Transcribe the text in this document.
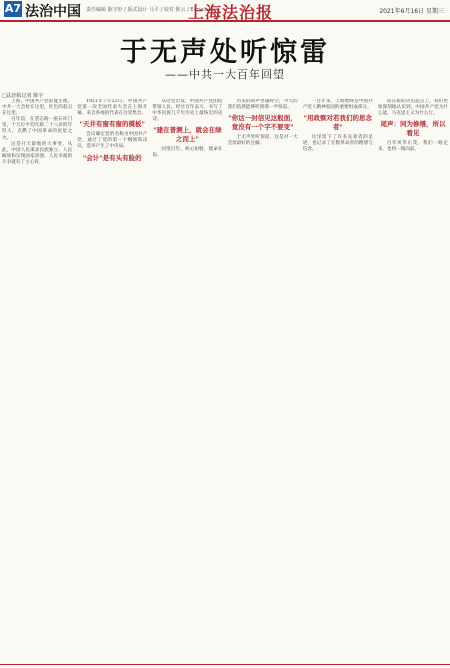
A7 法治中国 责任编辑 陈宇轩 / 版式设计 马平 / 校对 陈云 / E-mail: …
上海法治报	2021年6月16日 星期三
于无声处听惊雷
——中共一大百年回望
□法治报记者 陈宇

上海，中国共产党的诞生地，中共一大会址在这里，红色的起点在这里。

百年前，在望志路一座石库门里，十几位平均年龄二十八岁的年轻人，点燃了中国革命的星星之火。

这是开天辟地的大事变。从此，中国人民谋求民族独立、人民解放和实现国家富强、人民幸福的斗争就有了主心骨。

1921年7月23日，中国共产党第一次全国代表大会在上海开幕，来自各地的代表在这里集会。

"天井有窗有窗的模板"

会议确定党的名称为中国共产党，通过了党的第一个纲领和决议，选举产生了中央局。

"会计"是有头有脸的

从这里出发，中国共产党团结带领人民，经过百年奋斗，书写了中华民族几千年历史上最恢宏的史诗。

"建在普测上，就会在绿之而上"

回望百年，初心如磐，使命在肩。

历史的回声穿越时空，今天的我们依然能够听到那一声惊雷。

"你这一封信见这般面，竟没有一个字不要变"

于无声处听惊雷，这是对一大会址最好的注解。

一百年来，上海始终是中国共产党人精神家园的重要组成部分。

"用政察对若我们的思念者"

这里留下了许多先驱者的足迹，也记录了无数革命者的理想与信念。

站在新的历史起点上，我们更加深刻地认识到，中国共产党为什么能，马克思主义为什么行。

尾声：同为修缮，所以看见

百年风华正茂，我们一路走来，也将一路向前。
